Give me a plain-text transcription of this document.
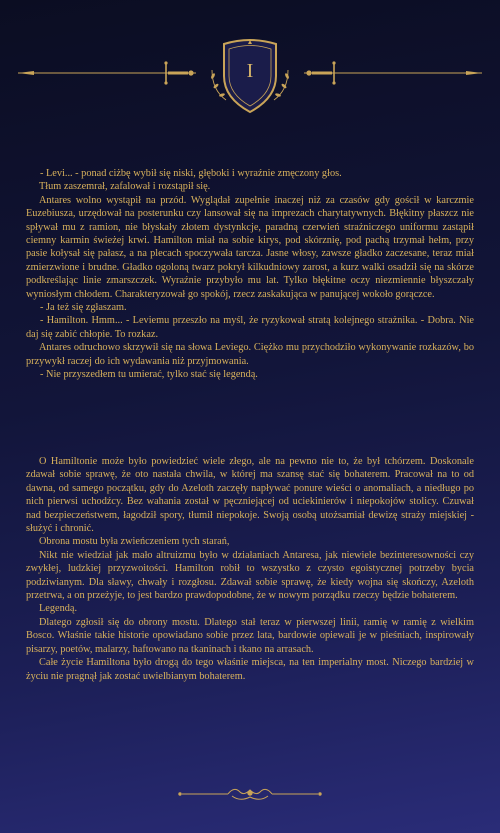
I

- Levi... - ponad ciżbę wybił się niski, głęboki i wyraźnie zmęczony głos.

Tłum zaszemrał, zafalował i rozstąpił się.

Antares wolno wystąpił na przód. Wyglądał zupełnie inaczej niż za czasów gdy gościł w karczmie Euzebiusza, urzędował na posterunku czy lansował się na imprezach charytatywnych. Błękitny płaszcz nie spływał mu z ramion, nie błyskały złotem dystynkcje, paradną czerwień strażniczego uniformu zastąpił ciemny karmin świeżej krwi. Hamilton miał na sobie kirys, pod skórznię, pod pachą trzymał hełm, przy pasie kołysał się pałasz, a na plecach spoczywała tarcza. Jasne włosy, zawsze gładko zaczesane, teraz miał zmierzwione i brudne. Gładko ogoloną twarz pokrył kilkudniowy zarost, a kurz walki osadził się na skórze podkreślając linie zmarszczek. Wyraźnie przybyło mu lat. Tylko błękitne oczy niezmiennie błyszczały wyniosłym chłodem. Charakteryzował go spokój, rzecz zaskakująca w panującej wokoło gorączce.

- Ja też się zgłaszam.

- Hamilton. Hmm... - Leviemu przeszło na myśl, że ryzykował stratą kolejnego strażnika. - Dobra. Nie daj się zabić chłopie. To rozkaz.

Antares odruchowo skrzywił się na słowa Leviego. Ciężko mu przychodziło wykonywanie rozkazów, bo przywykł raczej do ich wydawania niż przyjmowania.

- Nie przyszedłem tu umierać, tylko stać się legendą.

O Hamiltonie może było powiedzieć wiele złego, ale na pewno nie to, że był tchórzem. Doskonale zdawał sobie sprawę, że oto nastała chwila, w której ma szansę stać się bohaterem. Pracował na to od dawna, od samego początku, gdy do Azeloth zaczęły napływać ponure wieści o anomaliach, a niedługo po nich pierwsi uchodźcy. Bez wahania został w pęczniejącej od uciekinierów i niepokojów stolicy. Czuwał nad bezpieczeństwem, łagodził spory, tłumił niepokoje. Swoją osobą utożsamiał dewizę straży miejskiej - służyć i chronić.

Obrona mostu była zwieńczeniem tych starań,

Nikt nie wiedział jak mało altruizmu było w działaniach Antaresa, jak niewiele bezinteresowności czy zwykłej, ludzkiej przyzwoitości. Hamilton robił to wszystko z czysto egoistycznej potrzeby bycia podziwianym. Dla sławy, chwały i rozgłosu. Zdawał sobie sprawę, że kiedy wojna się skończy, Azeloth przetrwa, a on przeżyje, to jest bardzo prawdopodobne, że w nowym porządku rzeczy będzie bohaterem.

Legendą.

Dlatego zgłosił się do obrony mostu. Dlatego stał teraz w pierwszej linii, ramię w ramię z wielkim Bosco. Właśnie takie historie opowiadano sobie przez lata, bardowie opiewali je w pieśniach, inspirowały pisarzy, poetów, malarzy, haftowano na tkaninach i tkano na arrasach.

Całe życie Hamiltona było drogą do tego właśnie miejsca, na ten imperialny most. Niczego bardziej w życiu nie pragnął jak zostać uwielbianym bohaterem.
